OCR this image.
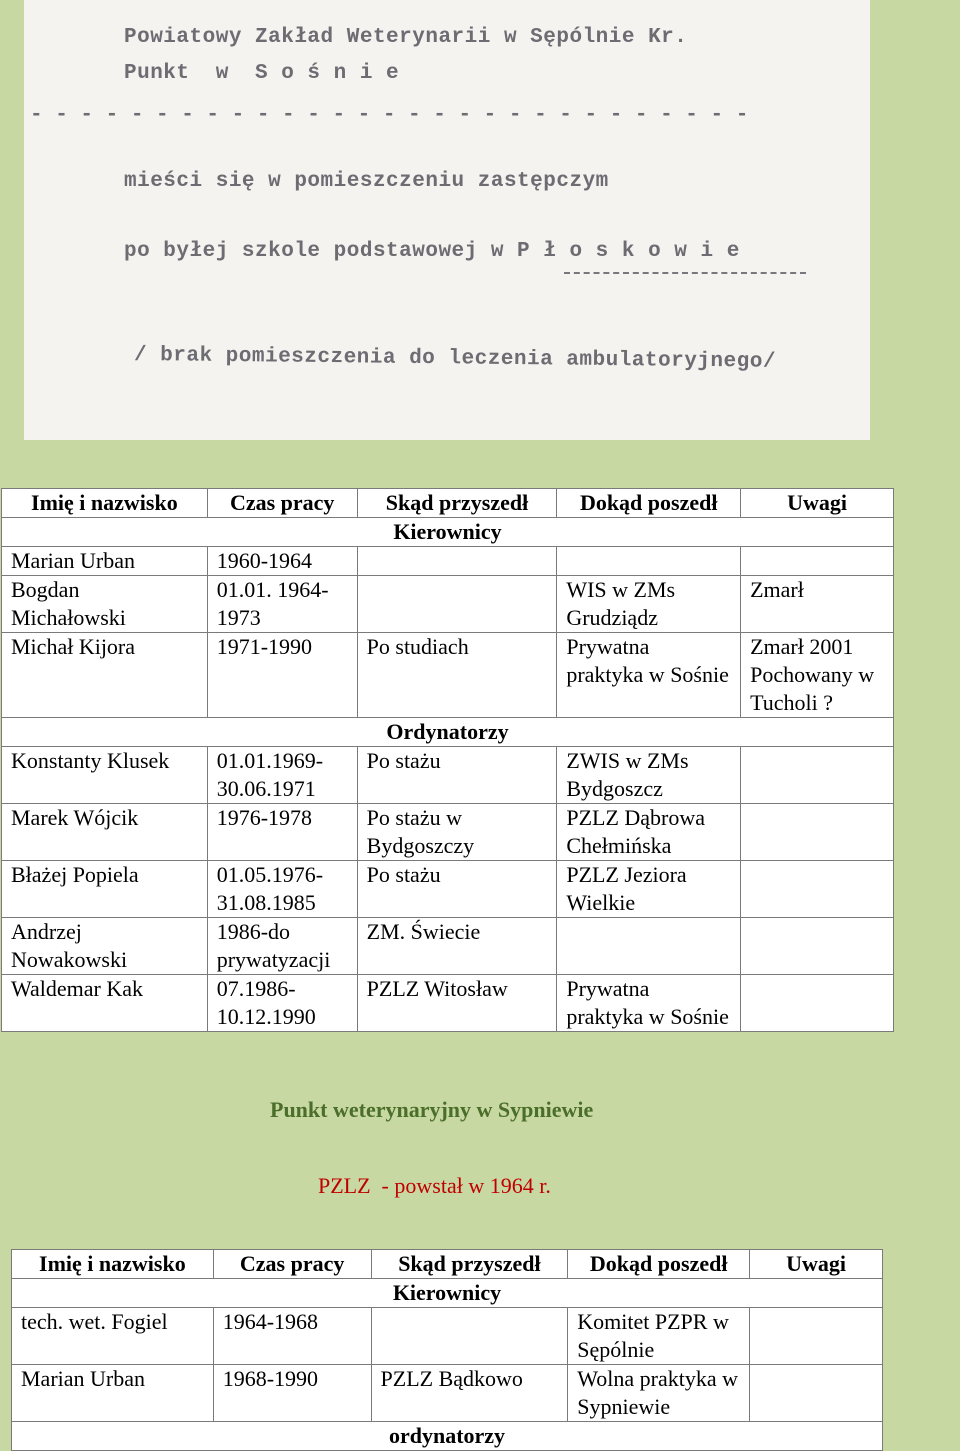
Powiatowy Zakład Weterynarii w Sępólnie Kr.
Punkt  w  S o ś n i e
- - - - - - - - - - - - - - - - - - - - - - - - - - - - -
mieści się w pomieszczeniu zastępczym
po byłej szkole podstawowej w P ł o s k o w i e
/ brak pomieszczenia do leczenia ambulatoryjnego/
Imię i nazwisko	Czas pracy	Skąd przyszedł	Dokąd poszedł	Uwagi
Kierownicy				
Marian Urban	1960-1964			
Bogdan Michałowski	01.01. 1964-1973		WIS w ZMs Grudziądz	Zmarł
Michał Kijora	1971-1990	Po studiach	Prywatna praktyka w Sośnie	Zmarł 2001 Pochowany w Tucholi ?
Ordynatorzy				
Konstanty Klusek	01.01.1969-30.06.1971	Po stażu	ZWIS w ZMs Bydgoszcz	
Marek Wójcik	1976-1978	Po stażu w Bydgoszczy	PZLZ Dąbrowa Chełmińska	
Błażej Popiela	01.05.1976-31.08.1985	Po stażu	PZLZ Jeziora Wielkie	
Andrzej Nowakowski	1986-do prywatyzacji	ZM. Świecie		
Waldemar Kak	07.1986-10.12.1990	PZLZ Witosław	Prywatna praktyka w Sośnie	
Punkt weterynaryjny w Sypniewie
PZLZ  - powstał w 1964 r.
Imię i nazwisko	Czas pracy	Skąd przyszedł	Dokąd poszedł	Uwagi
Kierownicy				
tech. wet. Fogiel	1964-1968		Komitet PZPR w Sępólnie	
Marian Urban	1968-1990	PZLZ Bądkowo	Wolna praktyka w Sypniewie	
ordynatorzy				
